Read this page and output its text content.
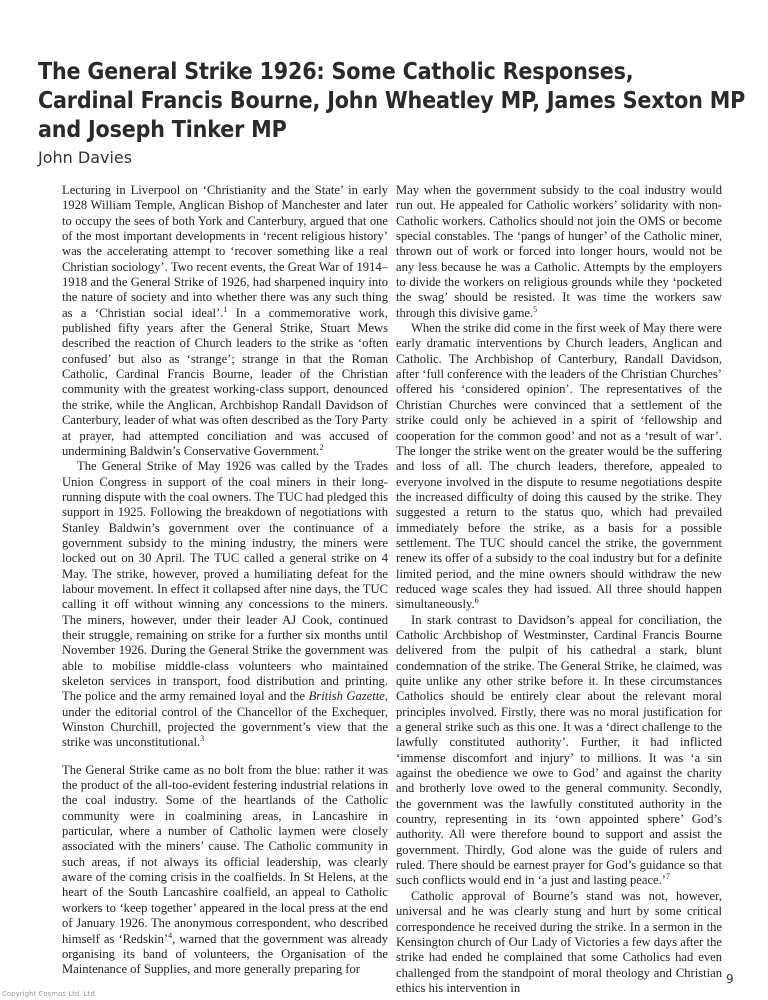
The General Strike 1926: Some Catholic Responses,
Cardinal Francis Bourne, John Wheatley MP, James Sexton MP
and Joseph Tinker MP
John Davies

Lecturing in Liverpool on ‘Christianity and the State’ in early 1928 William Temple, Anglican Bishop of Manchester and later to occupy the sees of both York and Canterbury, argued that one of the most important developments in ‘recent religious history’ was the accelerating attempt to ‘recover something like a real Christian sociology’. Two recent events, the Great War of 1914–1918 and the General Strike of 1926, had sharpened inquiry into the nature of society and into whether there was any such thing as a ‘Christian social ideal’.$^1$ In a commemorative work, published fifty years after the General Strike, Stuart Mews described the reaction of Church leaders to the strike as ‘often confused’ but also as ‘strange’; strange in that the Roman Catholic, Cardinal Francis Bourne, leader of the Christian community with the greatest working-class support, denounced the strike, while the Anglican, Archbishop Randall Davidson of Canterbury, leader of what was often described as the Tory Party at prayer, had attempted conciliation and was accused of undermining Baldwin’s Conservative Government.$^2$

The General Strike of May 1926 was called by the Trades Union Congress in support of the coal miners in their long-running dispute with the coal owners. The TUC had pledged this support in 1925. Following the breakdown of negotiations with Stanley Baldwin’s government over the continuance of a government subsidy to the mining industry, the miners were locked out on 30 April. The TUC called a general strike on 4 May. The strike, however, proved a humiliating defeat for the labour movement. In effect it collapsed after nine days, the TUC calling it off without winning any concessions to the miners. The miners, however, under their leader AJ Cook, continued their struggle, remaining on strike for a further six months until November 1926. During the General Strike the government was able to mobilise middle-class volunteers who maintained skeleton services in transport, food distribution and printing. The police and the army remained loyal and the British Gazette, under the editorial control of the Chancellor of the Exchequer, Winston Churchill, projected the government’s view that the strike was unconstitutional.$^3$

The General Strike came as no bolt from the blue: rather it was the product of the all-too-evident festering industrial relations in the coal industry. Some of the heartlands of the Catholic community were in coalmining areas, in Lancashire in particular, where a number of Catholic laymen were closely associated with the miners’ cause. The Catholic community in such areas, if not always its official leadership, was clearly aware of the coming crisis in the coalfields. In St Helens, at the heart of the South Lancashire coalfield, an appeal to Catholic workers to ‘keep together’ appeared in the local press at the end of January 1926. The anonymous correspondent, who described himself as ‘Redskin’$^4$, warned that the government was already organising its band of volunteers, the Organisation of the Maintenance of Supplies, and more generally preparing for

May when the government subsidy to the coal industry would run out. He appealed for Catholic workers’ solidarity with non-Catholic workers. Catholics should not join the OMS or become special constables. The ‘pangs of hunger’ of the Catholic miner, thrown out of work or forced into longer hours, would not be any less because he was a Catholic. Attempts by the employers to divide the workers on religious grounds while they ‘pocketed the swag’ should be resisted. It was time the workers saw through this divisive game.$^5$

When the strike did come in the first week of May there were early dramatic interventions by Church leaders, Anglican and Catholic. The Archbishop of Canterbury, Randall Davidson, after ‘full conference with the leaders of the Christian Churches’ offered his ‘considered opinion’. The representatives of the Christian Churches were convinced that a settlement of the strike could only be achieved in a spirit of ‘fellowship and cooperation for the common good’ and not as a ‘result of war’. The longer the strike went on the greater would be the suffering and loss of all. The church leaders, therefore, appealed to everyone involved in the dispute to resume negotiations despite the increased difficulty of doing this caused by the strike. They suggested a return to the status quo, which had prevailed immediately before the strike, as a basis for a possible settlement. The TUC should cancel the strike, the government renew its offer of a subsidy to the coal industry but for a definite limited period, and the mine owners should withdraw the new reduced wage scales they had issued. All three should happen simultaneously.$^6$

In stark contrast to Davidson’s appeal for conciliation, the Catholic Archbishop of Westminster, Cardinal Francis Bourne delivered from the pulpit of his cathedral a stark, blunt condemnation of the strike. The General Strike, he claimed, was quite unlike any other strike before it. In these circumstances Catholics should be entirely clear about the relevant moral principles involved. Firstly, there was no moral justification for a general strike such as this one. It was a ‘direct challenge to the lawfully constituted authority’. Further, it had inflicted ‘immense discomfort and injury’ to millions. It was ‘a sin against the obedience we owe to God’ and against the charity and brotherly love owed to the general community. Secondly, the government was the lawfully constituted authority in the country, representing in its ‘own appointed sphere’ God’s authority. All were therefore bound to support and assist the government. Thirdly, God alone was the guide of rulers and ruled. There should be earnest prayer for God’s guidance so that such conflicts would end in ‘a just and lasting peace.’$^7$

Catholic approval of Bourne’s stand was not, however, universal and he was clearly stung and hurt by some critical correspondence he received during the strike. In a sermon in the Kensington church of Our Lady of Victories a few days after the strike had ended he complained that some Catholics had even challenged from the standpoint of moral theology and Christian ethics his intervention in

9
Copyright Cosmos Ltd. Ltd
